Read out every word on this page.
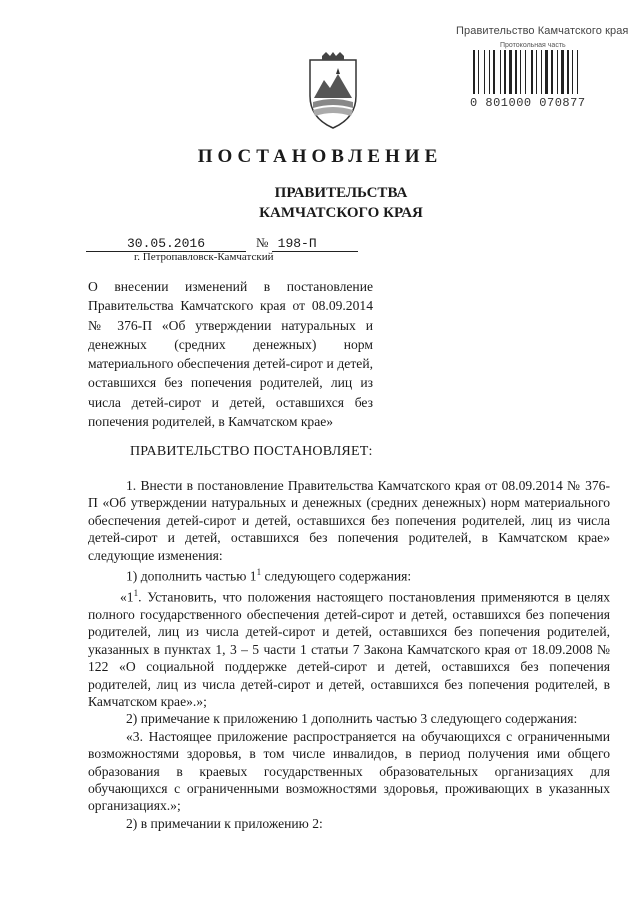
Правительство Камчатского края
Протокольная часть
0 801000 070877
ПОСТАНОВЛЕНИЕ
ПРАВИТЕЛЬСТВА
КАМЧАТСКОГО КРАЯ
30.05.2016	№ 198-П
г. Петропавловск-Камчатский
О внесении изменений в постановление Правительства Камчатского края от 08.09.2014 № 376-П «Об утверждении натуральных и денежных (средних денежных) норм материального обеспечения детей-сирот и детей, оставшихся без попечения родителей, лиц из числа детей-сирот и детей, оставшихся без попечения родителей, в Камчатском крае»
ПРАВИТЕЛЬСТВО ПОСТАНОВЛЯЕТ:

1. Внести в постановление Правительства Камчатского края от 08.09.2014 № 376-П «Об утверждении натуральных и денежных (средних денежных) норм материального обеспечения детей-сирот и детей, оставшихся без попечения родителей, лиц из числа детей-сирот и детей, оставшихся без попечения родителей, в Камчатском крае» следующие изменения:

1) дополнить частью $1^1$ следующего содержания:

«$1^1$. Установить, что положения настоящего постановления применяются в целях полного государственного обеспечения детей-сирот и детей, оставшихся без попечения родителей, лиц из числа детей-сирот и детей, оставшихся без попечения родителей, указанных в пунктах 1, 3 – 5 части 1 статьи 7 Закона Камчатского края от 18.09.2008 № 122 «О социальной поддержке детей-сирот и детей, оставшихся без попечения родителей, лиц из числа детей-сирот и детей, оставшихся без попечения родителей, в Камчатском крае».»;

2) примечание к приложению 1 дополнить частью 3 следующего содержания:

«3. Настоящее приложение распространяется на обучающихся с ограниченными возможностями здоровья, в том числе инвалидов, в период получения ими общего образования в краевых государственных образовательных организациях для обучающихся с ограниченными возможностями здоровья, проживающих в указанных организациях.»;

2) в примечании к приложению 2:
